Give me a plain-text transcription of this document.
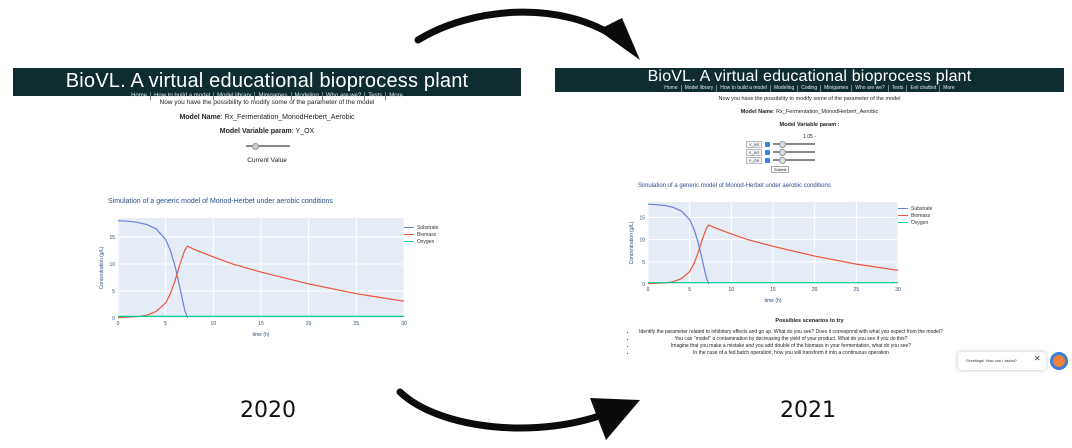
BioVL. A virtual educational bioprocess plant
Home	How to build a model	Model library	Minigames	Modeling	Who are we?	Tests	More
Now you have the possibility to modify some of the parameter of the model
Model Name: Rx_Fermentation_MonodHerbert_Aerobic
Model Variable param: Y_OX
Current Value
Simulation of a generic model of Monod-Herbet under aerobic conditions
0	5	10	15	20	25	30
0
5
10
15
time (h)
Concentration (g/L)
Substrate
Biomass
Oxygen
2020
BioVL. A virtual educational bioprocess plant
Home	Model library	How to build a model	Modeling	Coding	Minigames	Who are we?	Tests	Evil chatbot	More
Now you have the possibility to modify some of the parameter of the model
Model Name: Rx_Fermentation_MonodHerbert_Aerobic
Model Variable param :
1.05 -
Y_XS
Y_XO
Y_OX
Submit
Simulation of a generic model of Monod-Herbet under aerobic conditions
0	5	10	15	20	25	30
0
5
10
15
time (h)
Concentration (g/L)
Substrate
Biomass
Oxygen
Possibles scenarios to try
• Identify the parameter related to inhibitory effects and go up. What do you see? Does it correspond with what you expect from the model?
• You can "model" a contamination by decreasing the yield of your product. What do you see if you do this?
• Imagine that you make a mistake and you add double of the biomass in your fermentation, what do you see?
• In the case of a fed batch operation, how you will transform it into a continuous operation
Greetings! How can I assist? ✕
2021
